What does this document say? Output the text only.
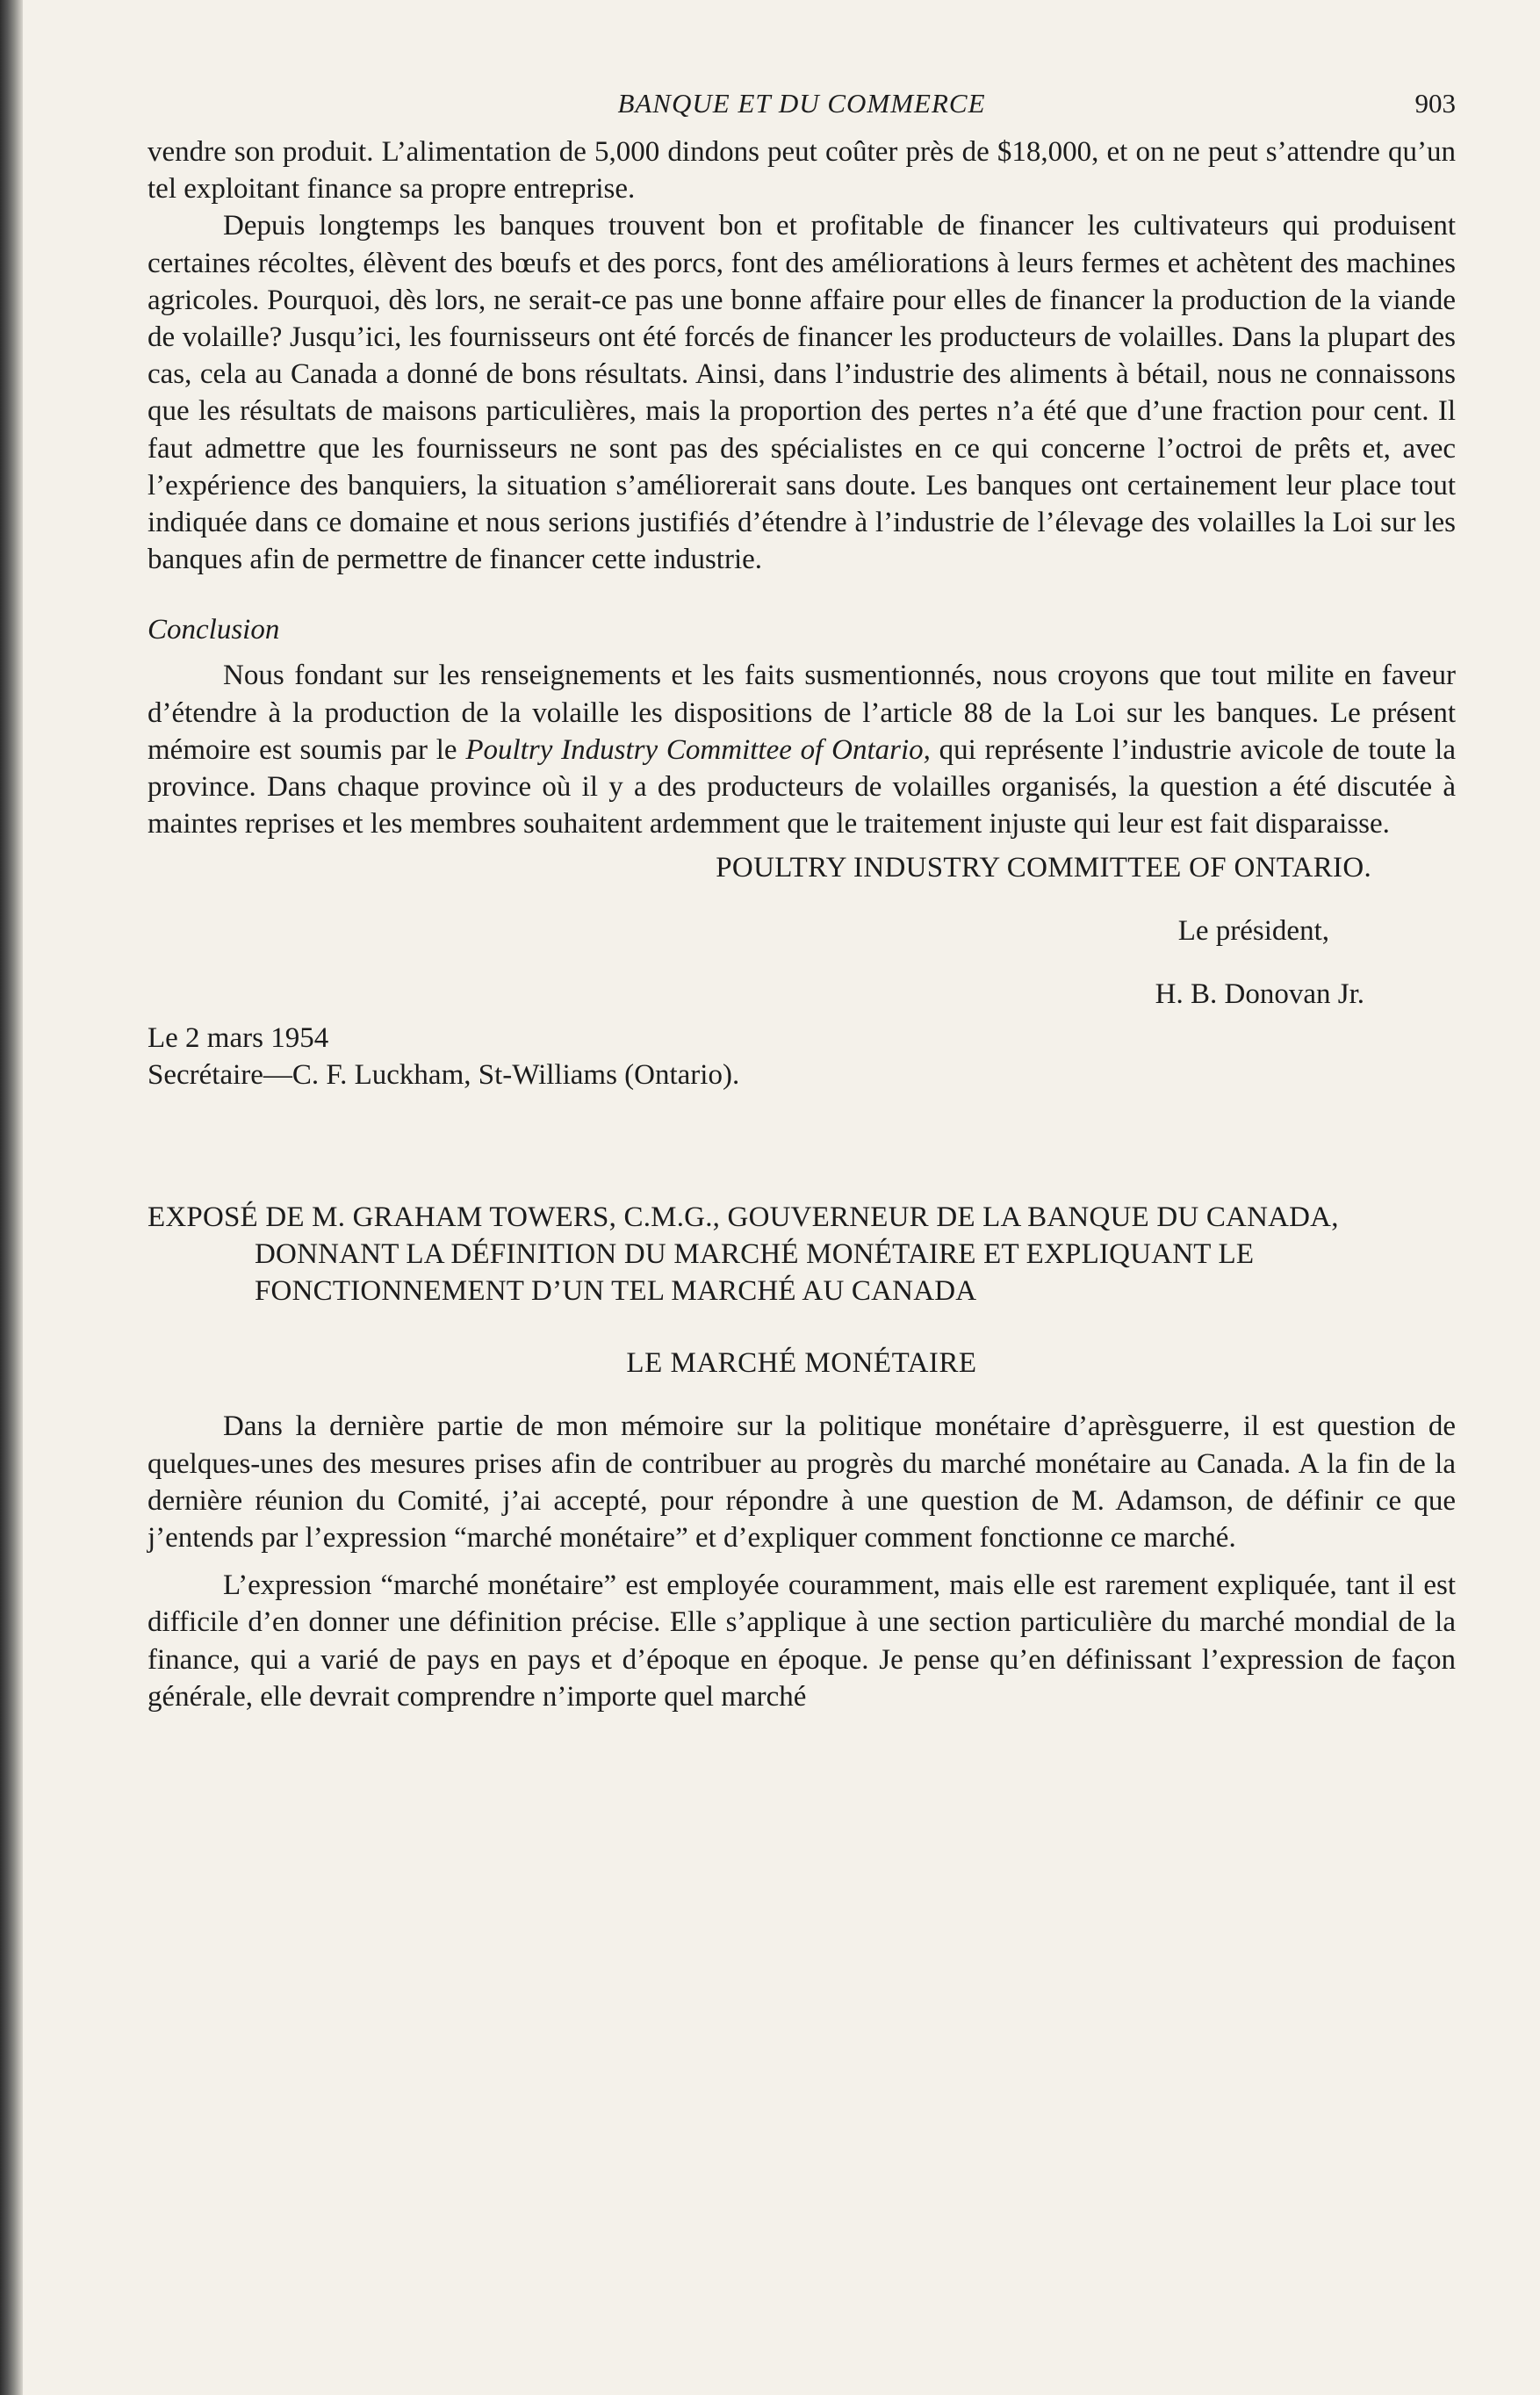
BANQUE ET DU COMMERCE	903

vendre son produit. L’alimentation de 5,000 dindons peut coûter près de $18,000, et on ne peut s’attendre qu’un tel exploitant finance sa propre entreprise.

Depuis longtemps les banques trouvent bon et profitable de financer les cultivateurs qui produisent certaines récoltes, élèvent des bœufs et des porcs, font des améliorations à leurs fermes et achètent des machines agricoles. Pourquoi, dès lors, ne serait-ce pas une bonne affaire pour elles de financer la production de la viande de volaille? Jusqu’ici, les fournisseurs ont été forcés de financer les producteurs de volailles. Dans la plupart des cas, cela au Canada a donné de bons résultats. Ainsi, dans l’industrie des aliments à bétail, nous ne connaissons que les résultats de maisons particulières, mais la proportion des pertes n’a été que d’une fraction pour cent. Il faut admettre que les fournisseurs ne sont pas des spécialistes en ce qui concerne l’octroi de prêts et, avec l’expérience des banquiers, la situation s’améliorerait sans doute. Les banques ont certainement leur place tout indiquée dans ce domaine et nous serions justifiés d’étendre à l’industrie de l’élevage des volailles la Loi sur les banques afin de permettre de financer cette industrie.

Conclusion

Nous fondant sur les renseignements et les faits susmentionnés, nous croyons que tout milite en faveur d’étendre à la production de la volaille les dispositions de l’article 88 de la Loi sur les banques. Le présent mémoire est soumis par le Poultry Industry Committee of Ontario, qui représente l’industrie avicole de toute la province. Dans chaque province où il y a des producteurs de volailles organisés, la question a été discutée à maintes reprises et les membres souhaitent ardemment que le traitement injuste qui leur est fait disparaisse.

POULTRY INDUSTRY COMMITTEE OF ONTARIO.
Le président,
H. B. Donovan Jr.
Le 2 mars 1954
Secrétaire—C. F. Luckham, St-Williams (Ontario).
EXPOSÉ DE M. GRAHAM TOWERS, C.M.G., GOUVERNEUR DE LA BANQUE DU CANADA, DONNANT LA DÉFINITION DU MARCHÉ MONÉTAIRE ET EXPLIQUANT LE FONCTIONNEMENT D’UN TEL MARCHÉ AU CANADA
LE MARCHÉ MONÉTAIRE

Dans la dernière partie de mon mémoire sur la politique monétaire d’aprèsguerre, il est question de quelques-unes des mesures prises afin de contribuer au progrès du marché monétaire au Canada. A la fin de la dernière réunion du Comité, j’ai accepté, pour répondre à une question de M. Adamson, de définir ce que j’entends par l’expression “marché monétaire” et d’expliquer comment fonctionne ce marché.

L’expression “marché monétaire” est employée couramment, mais elle est rarement expliquée, tant il est difficile d’en donner une définition précise. Elle s’applique à une section particulière du marché mondial de la finance, qui a varié de pays en pays et d’époque en époque. Je pense qu’en définissant l’expression de façon générale, elle devrait comprendre n’importe quel marché
